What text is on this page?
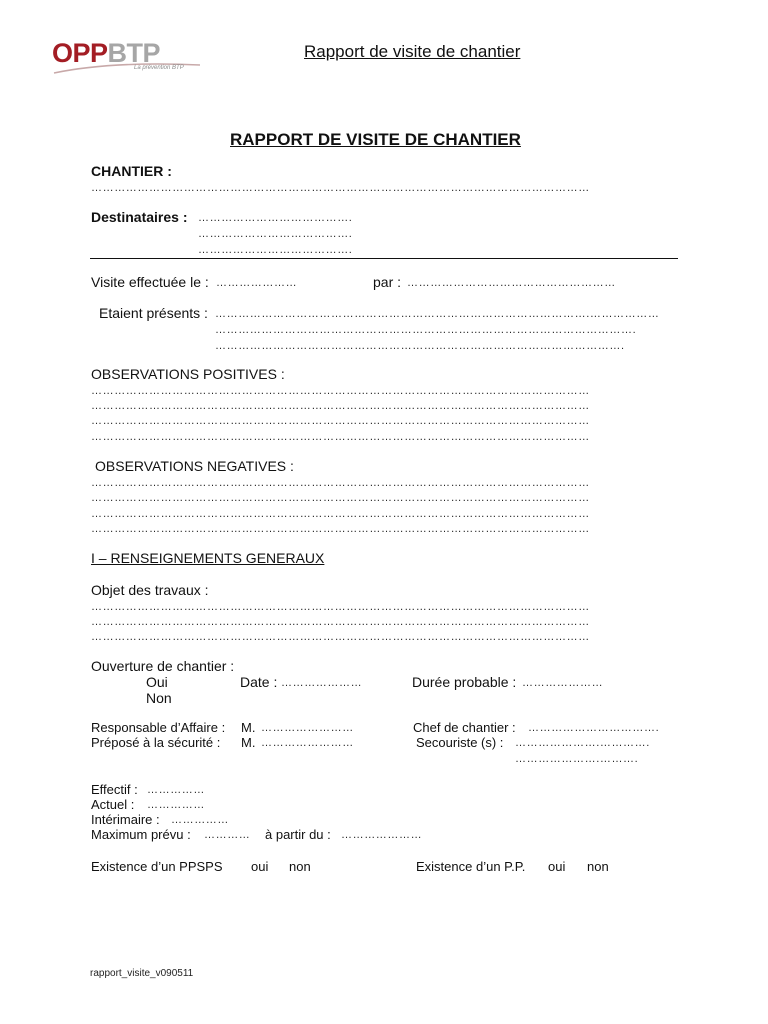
OPPBTP
La prévention BTP
Rapport de visite de chantier
RAPPORT DE VISITE DE CHANTIER
CHANTIER :
…………………………………………………………………………………………………………………
Destinataires : ………………………………….
………………………………….
………………………………….
Visite effectuée le : …………………	par : ………………………………………………
Etaient présents : …………………………………………………………………………………….………………
……………………………………………………………………………………………….
…………………………………………………………………………………………….
OBSERVATIONS POSITIVES :
…………………………………………………………………………………………………………………
…………………………………………………………………………………………………………………
…………………………………………………………………………………………………………………
…………………………………………………………………………………………………………………
OBSERVATIONS NEGATIVES :
…………………………………………………………………………………………………………………
…………………………………………………………………………………………………………………
…………………………………………………………………………………………………………………
…………………………………………………………………………………………………………………
I – RENSEIGNEMENTS GENERAUX
Objet des travaux :
…………………………………………………………………………………………………………………
…………………………………………………………………………………………………………………
…………………………………………………………………………………………………………………
Ouverture de chantier :
Oui
Non
Date : …………………	Durée probable : …………………
Responsable d’Affaire : M. ……………………	Chef de chantier : …………………………….
Préposé à la sécurité : M. ……………………	Secouriste (s) : ………………….………….
………………….……….
Effectif : ……………
Actuel : ……………
Intérimaire : ……………
Maximum prévu : ………… à partir du : …………………
Existence d’un PPSPS oui non	Existence d’un P.P. oui non
rapport_visite_v090511
